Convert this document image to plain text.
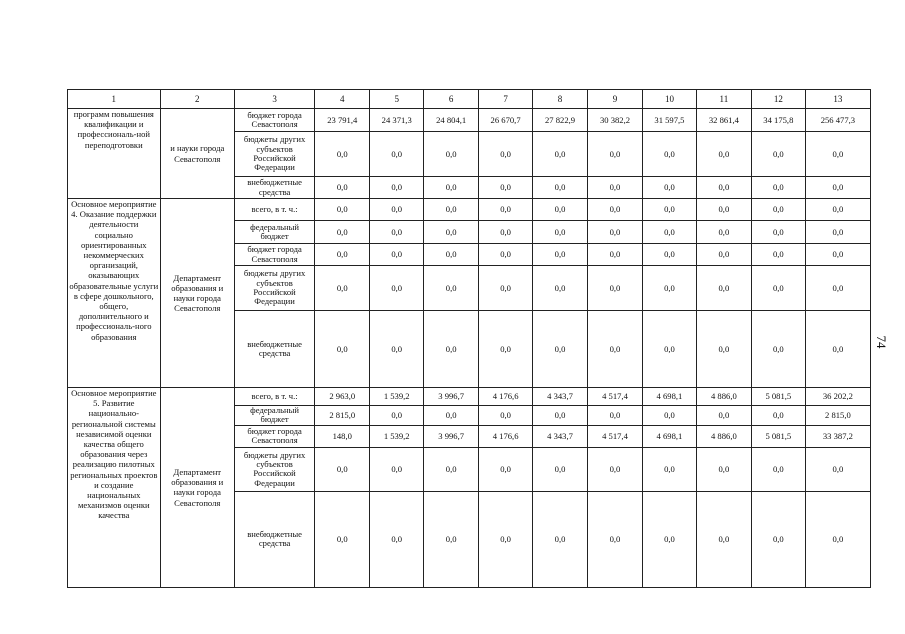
1	2	3	4	5	6	7	8	9	10	11	12	13
программ повышения квалификации и профессиональ-ной переподготовки	и науки города Севастополя	бюджет города Севастополя	23 791,4	24 371,3	24 804,1	26 670,7	27 822,9	30 382,2	31 597,5	32 861,4	34 175,8	256 477,3
		бюджеты других субъектов Российской Федерации	0,0	0,0	0,0	0,0	0,0	0,0	0,0	0,0	0,0	0,0
		внебюджетные средства	0,0	0,0	0,0	0,0	0,0	0,0	0,0	0,0	0,0	0,0
Основное мероприятие 4. Оказание поддержки деятельности социально ориентированных некоммерческих организаций, оказывающих образовательные услуги в сфере дошкольного, общего, дополнительного и профессиональ-ного образования	Департамент образования и науки города Севастополя	всего, в т. ч.:	0,0	0,0	0,0	0,0	0,0	0,0	0,0	0,0	0,0	0,0
		федеральный бюджет	0,0	0,0	0,0	0,0	0,0	0,0	0,0	0,0	0,0	0,0
		бюджет города Севастополя	0,0	0,0	0,0	0,0	0,0	0,0	0,0	0,0	0,0	0,0
		бюджеты других субъектов Российской Федерации	0,0	0,0	0,0	0,0	0,0	0,0	0,0	0,0	0,0	0,0
		внебюджетные средства	0,0	0,0	0,0	0,0	0,0	0,0	0,0	0,0	0,0	0,0
Основное мероприятие 5. Развитие национально-региональной системы независимой оценки качества общего образования через реализацию пилотных региональных проектов и создание национальных механизмов оценки качества	Департамент образования и науки города Севастополя	всего, в т. ч.:	2 963,0	1 539,2	3 996,7	4 176,6	4 343,7	4 517,4	4 698,1	4 886,0	5 081,5	36 202,2
		федеральный бюджет	2 815,0	0,0	0,0	0,0	0,0	0,0	0,0	0,0	0,0	2 815,0
		бюджет города Севастополя	148,0	1 539,2	3 996,7	4 176,6	4 343,7	4 517,4	4 698,1	4 886,0	5 081,5	33 387,2
		бюджеты других субъектов Российской Федерации	0,0	0,0	0,0	0,0	0,0	0,0	0,0	0,0	0,0	0,0
		внебюджетные средства	0,0	0,0	0,0	0,0	0,0	0,0	0,0	0,0	0,0	0,0
74
